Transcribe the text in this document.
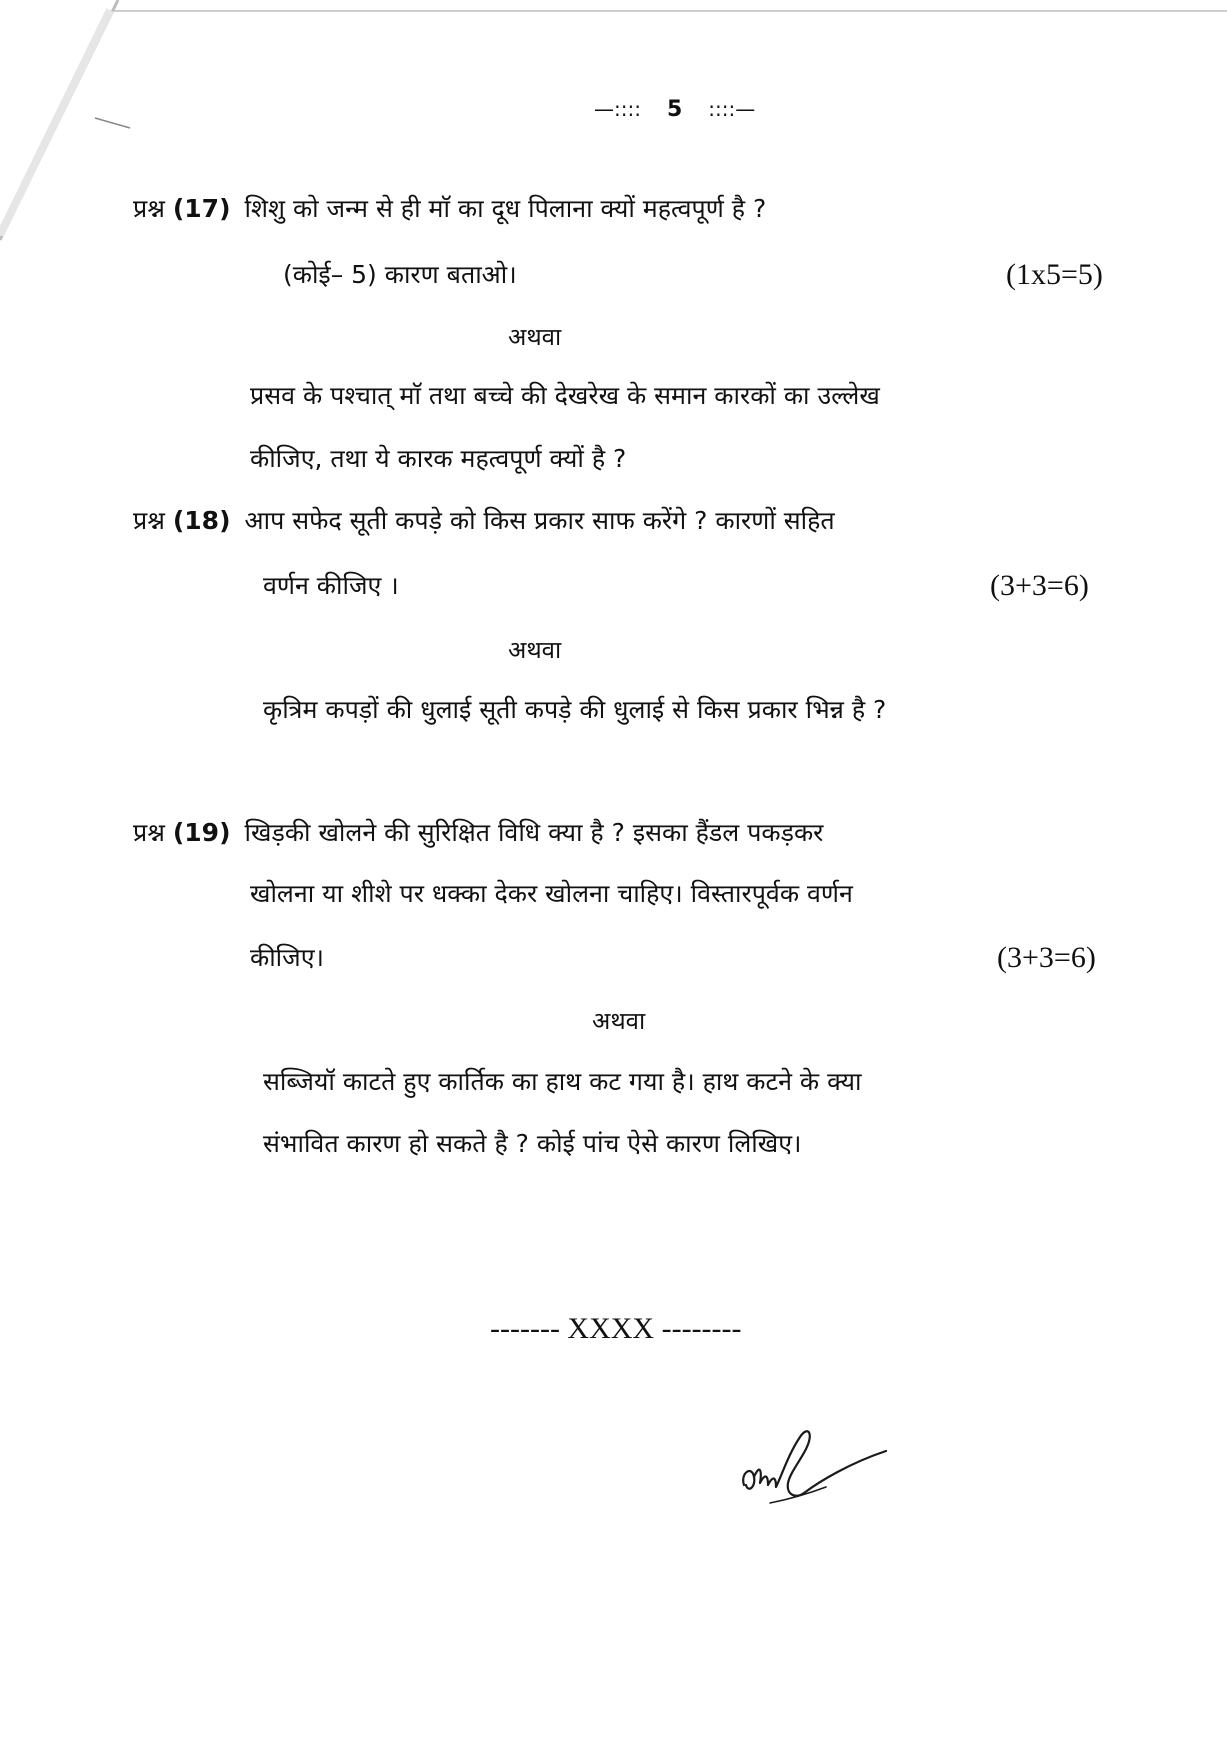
—:::: 5 ::::—
प्रश्न (17) शिशु को जन्म से ही माॅ का दूध पिलाना क्यों महत्वपूर्ण है ?
(कोई– 5) कारण बताओ।	(1x5=5)
अथवा
प्रसव के पश्चात् माॅ तथा बच्चे की देखरेख के समान कारकों का उल्लेख
कीजिए, तथा ये कारक महत्वपूर्ण क्यों है ?
प्रश्न (18) आप सफेद सूती कपड़े को किस प्रकार साफ करेंगे ? कारणों सहित
वर्णन कीजिए ।	(3+3=6)
अथवा
कृत्रिम कपड़ों की धुलाई सूती कपड़े की धुलाई से किस प्रकार भिन्न है ?
प्रश्न (19) खिड़की खोलने की सुरिक्षित विधि क्या है ? इसका हैंडल पकड़कर
खोलना या शीशे पर धक्का देकर खोलना चाहिए। विस्तारपूर्वक वर्णन
कीजिए।	(3+3=6)
अथवा
सब्जियॉ काटते हुए कार्तिक का हाथ कट गया है। हाथ कटने के क्या
संभावित कारण हो सकते है ? कोई पांच ऐसे कारण लिखिए।
------- XXXX --------
